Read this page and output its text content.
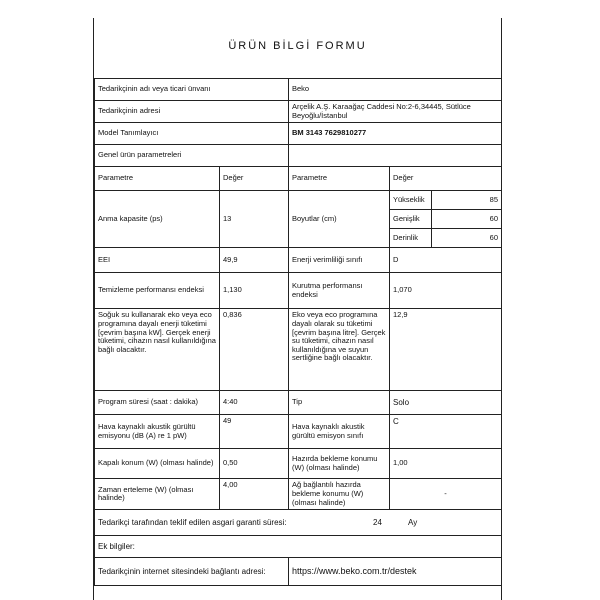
ÜRÜN BİLGİ FORMU
Tedarikçinin adı veya ticari ünvanı		Beko		
Tedarikçinin adresi		Arçelik A.Ş. Karaağaç Caddesi No:2-6,34445, Sütlüce Beyoğlu/İstanbul		
Model Tanımlayıcı		BM 3143 7629810277		
Genel ürün parametreleri				
Parametre	Değer	Parametre	Değer	
Anma kapasite (ps)	13	Boyutlar (cm)	Yükseklik	85
			Genişlik	60
			Derinlik	60
EEI	49,9	Enerji verimliliği sınıfı	D	
Temizleme performansı endeksi	1,130	Kurutma performansı endeksi	1,070	
Soğuk su kullanarak eko veya eco programına dayalı enerji tüketimi [çevrim başına kW]. Gerçek enerji tüketimi, cihazın nasıl kullanıldığına bağlı olacaktır.	0,836	Eko veya eco programına dayalı olarak su tüketimi [çevrim başına litre]. Gerçek su tüketimi, cihazın nasıl kullanıldığına ve suyun sertliğine bağlı olacaktır.	12,9	
Program süresi (saat : dakika)	4:40	Tip	Solo	
Hava kaynaklı akustik gürültü emisyonu (dB (A) re 1 pW)	49	Hava kaynaklı akustik gürültü emisyon sınıfı	C	
Kapalı konum (W) (olması halinde)	0,50	Hazırda bekleme konumu (W) (olması halinde)	1,00	
Zaman erteleme (W) (olması halinde)	4,00	Ağ bağlantılı hazırda bekleme konumu (W) (olması halinde)	-	
Tedarikçi tarafından teklif edilen asgari garanti süresi: 24 Ay				

Ek bilgiler:				
Tedarikçinin internet sitesindeki bağlantı adresi:		https://www.beko.com.tr/destek		
